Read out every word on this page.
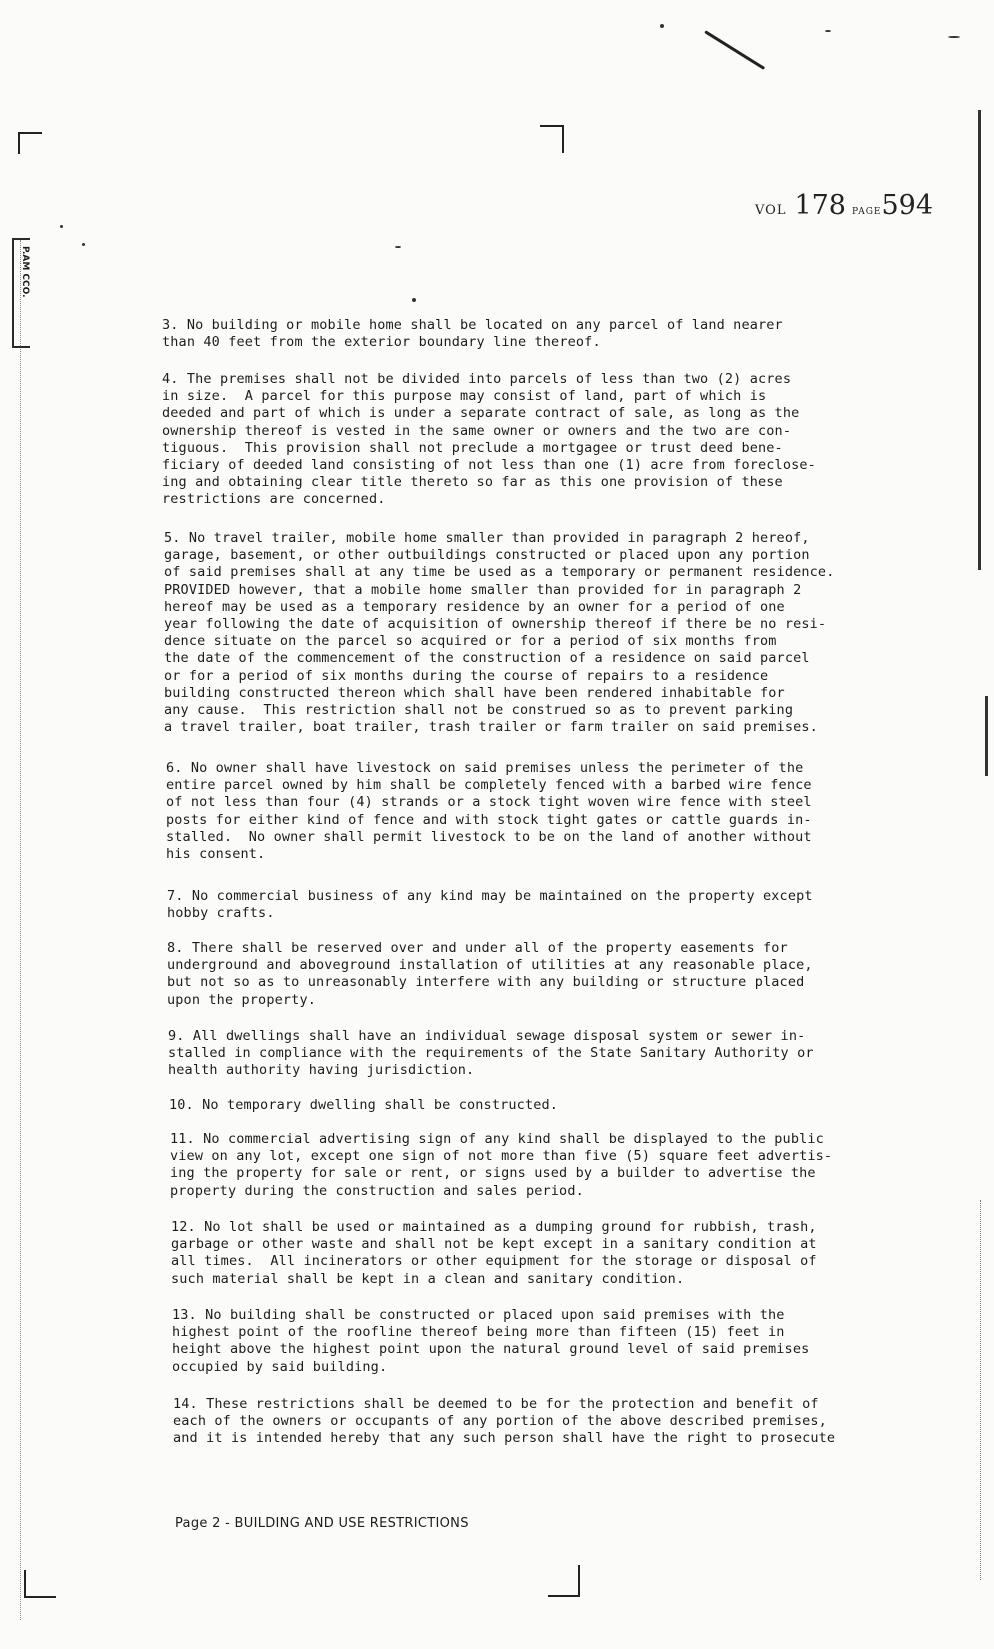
P.AM CCO.
VOL 178 PAGE594

3. No building or mobile home shall be located on any parcel of land nearer
than 40 feet from the exterior boundary line thereof.

4. The premises shall not be divided into parcels of less than two (2) acres
in size.  A parcel for this purpose may consist of land, part of which is
deeded and part of which is under a separate contract of sale, as long as the
ownership thereof is vested in the same owner or owners and the two are con-
tiguous.  This provision shall not preclude a mortgagee or trust deed bene-
ficiary of deeded land consisting of not less than one (1) acre from foreclose-
ing and obtaining clear title thereto so far as this one provision of these
restrictions are concerned.

5. No travel trailer, mobile home smaller than provided in paragraph 2 hereof,
garage, basement, or other outbuildings constructed or placed upon any portion
of said premises shall at any time be used as a temporary or permanent residence.
PROVIDED however, that a mobile home smaller than provided for in paragraph 2
hereof may be used as a temporary residence by an owner for a period of one
year following the date of acquisition of ownership thereof if there be no resi-
dence situate on the parcel so acquired or for a period of six months from
the date of the commencement of the construction of a residence on said parcel
or for a period of six months during the course of repairs to a residence
building constructed thereon which shall have been rendered inhabitable for
any cause.  This restriction shall not be construed so as to prevent parking
a travel trailer, boat trailer, trash trailer or farm trailer on said premises.

6. No owner shall have livestock on said premises unless the perimeter of the
entire parcel owned by him shall be completely fenced with a barbed wire fence
of not less than four (4) strands or a stock tight woven wire fence with steel
posts for either kind of fence and with stock tight gates or cattle guards in-
stalled.  No owner shall permit livestock to be on the land of another without
his consent.

7. No commercial business of any kind may be maintained on the property except
hobby crafts.

8. There shall be reserved over and under all of the property easements for
underground and aboveground installation of utilities at any reasonable place,
but not so as to unreasonably interfere with any building or structure placed
upon the property.

9. All dwellings shall have an individual sewage disposal system or sewer in-
stalled in compliance with the requirements of the State Sanitary Authority or
health authority having jurisdiction.

10. No temporary dwelling shall be constructed.

11. No commercial advertising sign of any kind shall be displayed to the public
view on any lot, except one sign of not more than five (5) square feet advertis-
ing the property for sale or rent, or signs used by a builder to advertise the
property during the construction and sales period.

12. No lot shall be used or maintained as a dumping ground for rubbish, trash,
garbage or other waste and shall not be kept except in a sanitary condition at
all times.  All incinerators or other equipment for the storage or disposal of
such material shall be kept in a clean and sanitary condition.

13. No building shall be constructed or placed upon said premises with the
highest point of the roofline thereof being more than fifteen (15) feet in
height above the highest point upon the natural ground level of said premises
occupied by said building.

14. These restrictions shall be deemed to be for the protection and benefit of
each of the owners or occupants of any portion of the above described premises,
and it is intended hereby that any such person shall have the right to prosecute

Page 2 - BUILDING AND USE RESTRICTIONS
